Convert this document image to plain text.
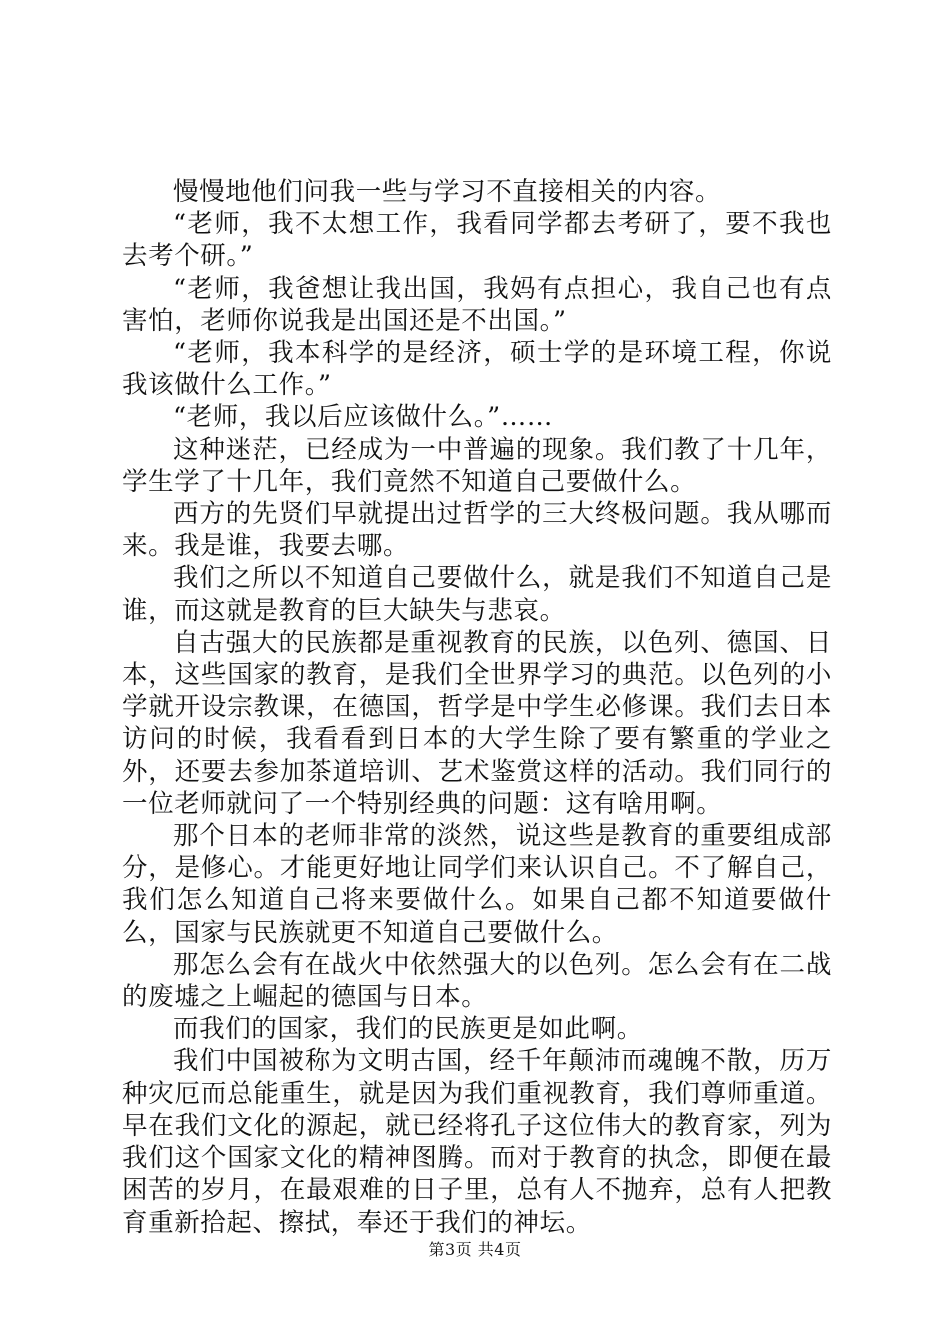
慢慢地他们问我一些与学习不直接相关的内容。

“老师，我不太想工作，我看同学都去考研了，要不我也去考个研。”

“老师，我爸想让我出国，我妈有点担心，我自己也有点害怕，老师你说我是出国还是不出国。”

“老师，我本科学的是经济，硕士学的是环境工程，你说我该做什么工作。”

“老师，我以后应该做什么。”……

这种迷茫，已经成为一中普遍的现象。我们教了十几年，学生学了十几年，我们竟然不知道自己要做什么。

西方的先贤们早就提出过哲学的三大终极问题。我从哪而来。我是谁，我要去哪。

我们之所以不知道自己要做什么，就是我们不知道自己是谁，而这就是教育的巨大缺失与悲哀。

自古强大的民族都是重视教育的民族，以色列、德国、日本，这些国家的教育，是我们全世界学习的典范。以色列的小学就开设宗教课，在德国，哲学是中学生必修课。我们去日本访问的时候，我看看到日本的大学生除了要有繁重的学业之外，还要去参加茶道培训、艺术鉴赏这样的活动。我们同行的一位老师就问了一个特别经典的问题：这有啥用啊。

那个日本的老师非常的淡然，说这些是教育的重要组成部分，是修心。才能更好地让同学们来认识自己。不了解自己，我们怎么知道自己将来要做什么。如果自己都不知道要做什么，国家与民族就更不知道自己要做什么。

那怎么会有在战火中依然强大的以色列。怎么会有在二战的废墟之上崛起的德国与日本。

而我们的国家，我们的民族更是如此啊。

我们中国被称为文明古国，经千年颠沛而魂魄不散，历万种灾厄而总能重生，就是因为我们重视教育，我们尊师重道。早在我们文化的源起，就已经将孔子这位伟大的教育家，列为我们这个国家文化的精神图腾。而对于教育的执念，即便在最困苦的岁月，在最艰难的日子里，总有人不抛弃，总有人把教育重新拾起、擦拭，奉还于我们的神坛。

第3页 共4页
